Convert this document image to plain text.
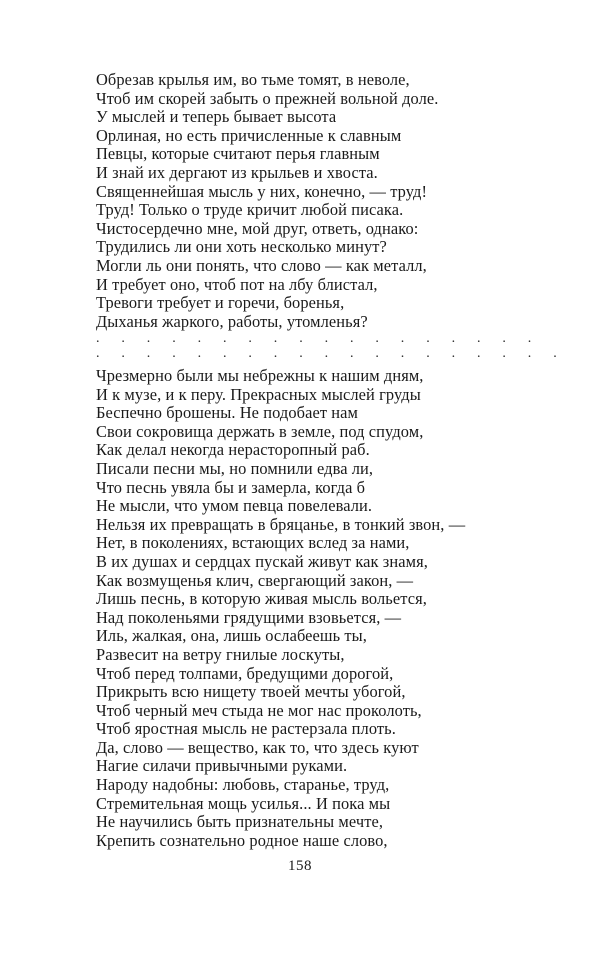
Обрезав крылья им, во тьме томят, в неволе,
Чтоб им скорей забыть о прежней вольной доле.
У мыслей и теперь бывает высота
Орлиная, но есть причисленные к славным
Певцы, которые считают перья главным
И знай их дергают из крыльев и хвоста.
Священнейшая мысль у них, конечно, — труд!
Труд! Только о труде кричит любой писака.
Чистосердечно мне, мой друг, ответь, однако:
Трудились ли они хоть несколько минут?
Могли ль они понять, что слово — как металл,
И требует оно, чтоб пот на лбу блистал,
Тревоги требует и горечи, боренья,
Дыханья жаркого, работы, утомленья?
. . . . . . . . . . . . . . . . . .
. . . . . . . . . . . . . . . . . . .
Чрезмерно были мы небрежны к нашим дням,
И к музе, и к перу. Прекрасных мыслей груды
Беспечно брошены. Не подобает нам
Свои сокровища держать в земле, под спудом,
Как делал некогда нерасторопный раб.
Писали песни мы, но помнили едва ли,
Что песнь увяла бы и замерла, когда б
Не мысли, что умом певца повелевали.
Нельзя их превращать в бряцанье, в тонкий звон, —
Нет, в поколениях, встающих вслед за нами,
В их душах и сердцах пускай живут как знамя,
Как возмущенья клич, свергающий закон, —
Лишь песнь, в которую живая мысль вольется,
Над поколеньями грядущими взовьется, —
Иль, жалкая, она, лишь ослабеешь ты,
Развесит на ветру гнилые лоскуты,
Чтоб перед толпами, бредущими дорогой,
Прикрыть всю нищету твоей мечты убогой,
Чтоб черный меч стыда не мог нас проколоть,
Чтоб яростная мысль не растерзала плоть.
Да, слово — вещество, как то, что здесь куют
Нагие силачи привычными руками.
Народу надобны: любовь, старанье, труд,
Стремительная мощь усилья... И пока мы
Не научились быть признательны мечте,
Крепить сознательно родное наше слово,
158
